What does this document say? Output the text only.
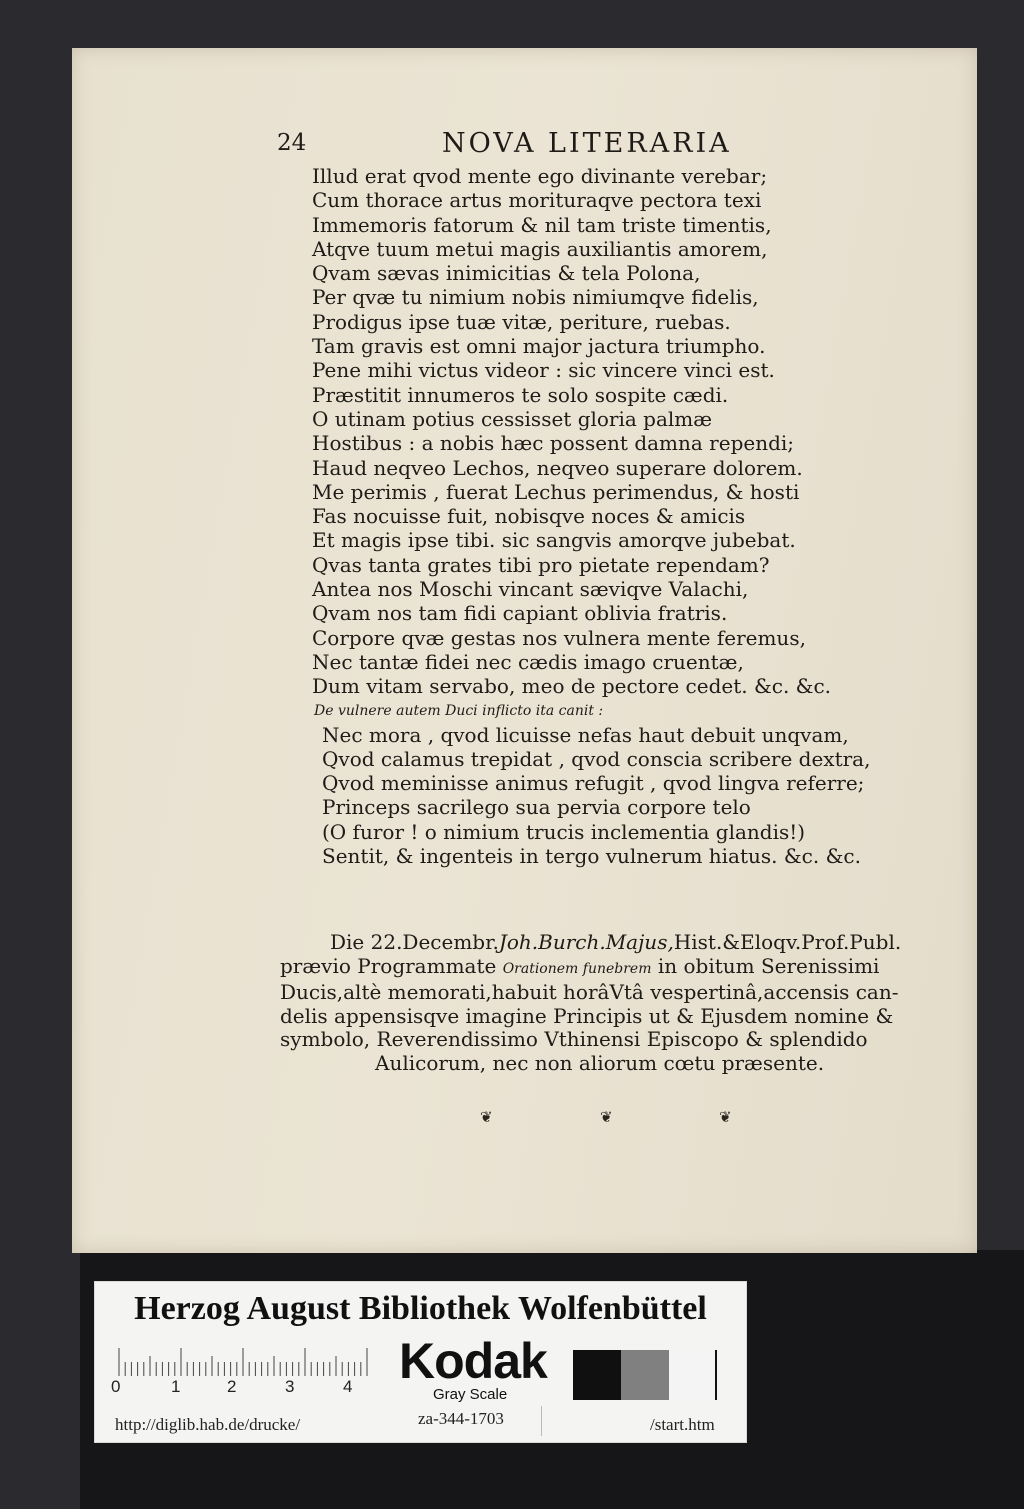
24	NOVA LITERARIA
Illud erat qvod mente ego divinante verebar;
Cum thorace artus morituraqve pectora texi
Immemoris fatorum & nil tam triste timentis,
Atqve tuum metui magis auxiliantis amorem,
Qvam sævas inimicitias & tela Polona,
Per qvæ tu nimium nobis nimiumqve fidelis,
Prodigus ipse tuæ vitæ, periture, ruebas.
Tam gravis est omni major jactura triumpho.
Pene mihi victus videor : sic vincere vinci est.
Præstitit innumeros te solo sospite cædi.
O utinam potius cessisset gloria palmæ
Hostibus : a nobis hæc possent damna rependi;
Haud neqveo Lechos, neqveo superare dolorem.
Me perimis , fuerat Lechus perimendus, & hosti
Fas nocuisse fuit, nobisqve noces & amicis
Et magis ipse tibi. sic sangvis amorqve jubebat.
Qvas tanta grates tibi pro pietate rependam?
Antea nos Moschi vincant sæviqve Valachi,
Qvam nos tam fidi capiant oblivia fratris.
Corpore qvæ gestas nos vulnera mente feremus,
Nec tantæ fidei nec cædis imago cruentæ,
Dum vitam servabo, meo de pectore cedet. &c. &c.
De vulnere autem Duci inflicto ita canit :
Nec mora , qvod licuisse nefas haut debuit unqvam,
Qvod calamus trepidat , qvod conscia scribere dextra,
Qvod meminisse animus refugit , qvod lingva referre;
Princeps sacrilego sua pervia corpore telo
(O furor ! o nimium trucis inclementia glandis!)
Sentit, & ingenteis in tergo vulnerum hiatus. &c. &c.
Die 22.Decembr.Joh.Burch.Majus,Hist.&Eloqv.Prof.Publ.
prævio Programmate Orationem funebrem in obitum Serenissimi
Ducis,altè memorati,habuit horâVtâ vespertinâ,accensis can-
delis appensisqve imagine Principis ut & Ejusdem nomine &
symbolo, Reverendissimo Vthinensi Episcopo & splendido
Aulicorum, nec non aliorum cœtu præsente.
❦	❦	❦
Herzog August Bibliothek Wolfenbüttel
0	1	2	3	4 Kodak
Gray Scale
http://diglib.hab.de/drucke/	za-344-1703	/start.htm
